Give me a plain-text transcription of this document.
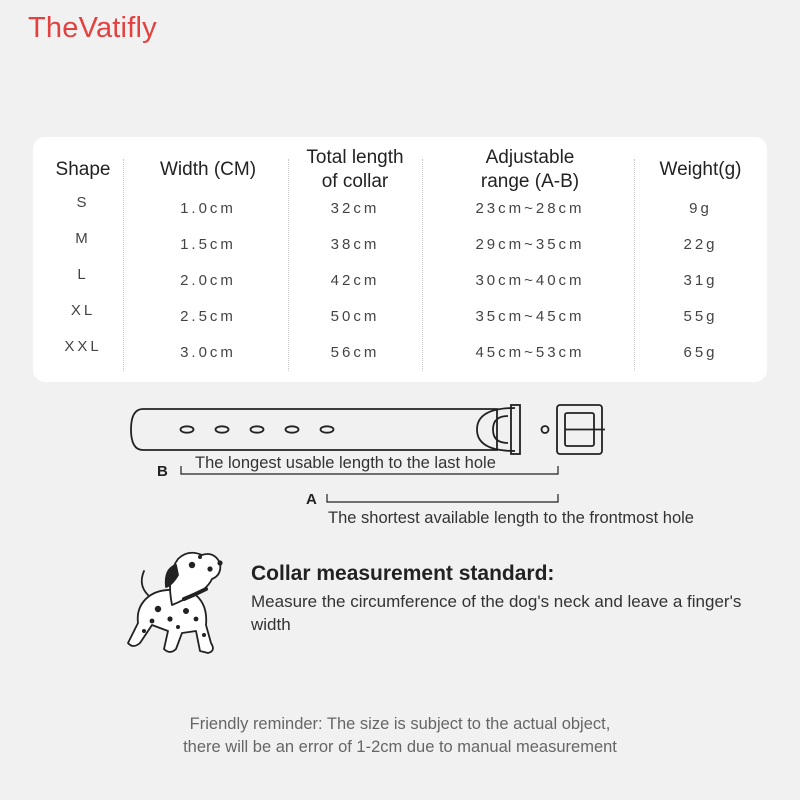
TheVatifly
Shape
S
M
L
XL
XXL
Width (CM)
1.0cm
1.5cm
2.0cm
2.5cm
3.0cm
Total length
of collar
32cm
38cm
42cm
50cm
56cm
Adjustable
range (A-B)
23cm~28cm
29cm~35cm
30cm~40cm
35cm~45cm
45cm~53cm
Weight(g)
9g
22g
31g
55g
65g
B The longest usable length to the last hole
A
The shortest available length to the frontmost hole
Collar measurement standard:
Measure the circumference of the dog's neck and leave a finger's width
Friendly reminder: The size is subject to the actual object,
there will be an error of 1-2cm due to manual measurement
